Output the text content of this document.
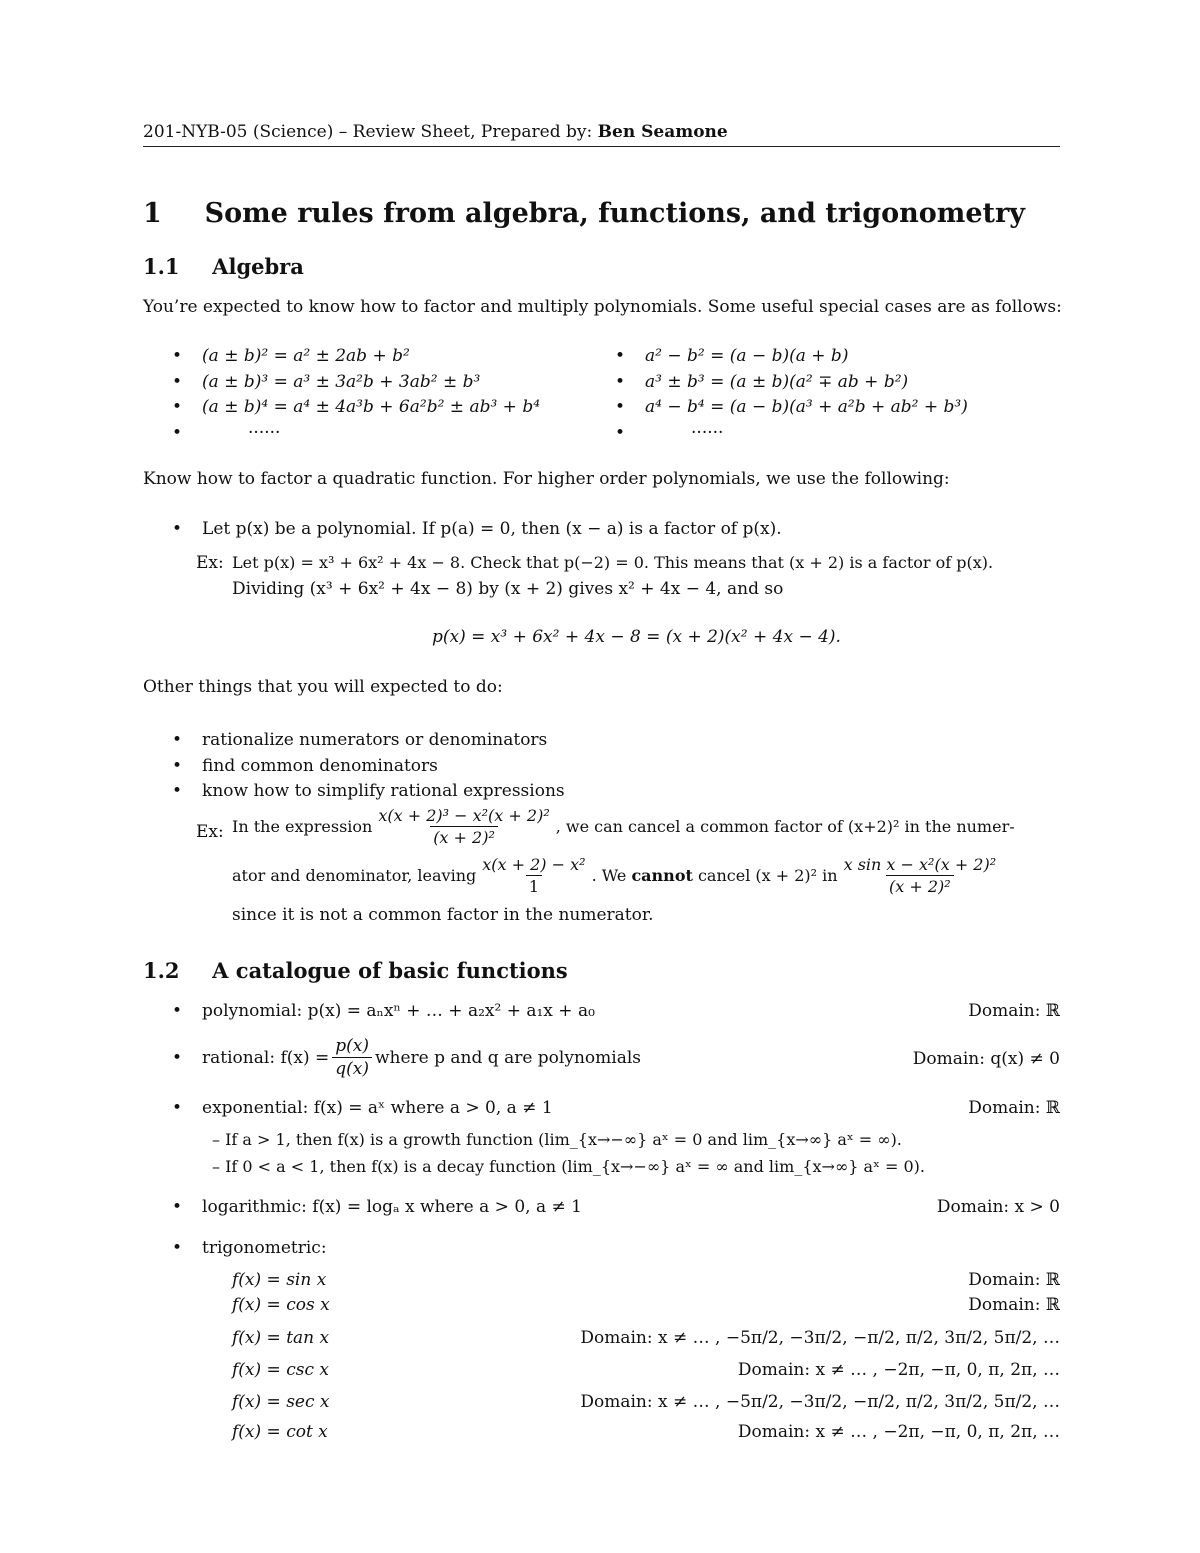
201-NYB-05 (Science) – Review Sheet, Prepared by: Ben Seamone
1 Some rules from algebra, functions, and trigonometry
1.1 Algebra
You’re expected to know how to factor and multiply polynomials. Some useful special cases are as follows:
• (a ± b)² = a² ± 2ab + b²
• (a ± b)³ = a³ ± 3a²b + 3ab² ± b³
• (a ± b)⁴ = a⁴ ± 4a³b + 6a²b² ± ab³ + b⁴
•	······
• a² − b² = (a − b)(a + b)
• a³ ± b³ = (a ± b)(a² ∓ ab + b²)
• a⁴ − b⁴ = (a − b)(a³ + a²b + ab² + b³)
•	······
Know how to factor a quadratic function. For higher order polynomials, we use the following:
• Let p(x) be a polynomial. If p(a) = 0, then (x − a) is a factor of p(x).
Ex: Let p(x) = x³ + 6x² + 4x − 8. Check that p(−2) = 0. This means that (x + 2) is a factor of p(x).
Dividing (x³ + 6x² + 4x − 8) by (x + 2) gives x² + 4x − 4, and so
p(x) = x³ + 6x² + 4x − 8 = (x + 2)(x² + 4x − 4).
Other things that you will expected to do:
• rationalize numerators or denominators
• find common denominators
• know how to simplify rational expressions
Ex: In the expression
x(x + 2)³ − x²(x + 2)²
(x + 2)²
, we can cancel a common factor of (x+2)² in the numer-
ator and denominator, leaving
x(x + 2) − x²
1
. We
cannot
cancel (x + 2)² in
x sin x − x²(x + 2)²
(x + 2)²
since it is not a common factor in the numerator.
1.2 A catalogue of basic functions
• polynomial: p(x) = aₙxⁿ + … + a₂x² + a₁x + a₀	Domain: ℝ
• rational: $f(x) = \frac{p(x)}{q(x)}$ where p and q are polynomials	Domain: q(x) ≠ 0
• exponential: f(x) = aˣ where a > 0, a ≠ 1	Domain: ℝ
– If a > 1, then f(x) is a growth function (lim_{x→−∞} aˣ = 0 and lim_{x→∞} aˣ = ∞).
– If 0 < a < 1, then f(x) is a decay function (lim_{x→−∞} aˣ = ∞ and lim_{x→∞} aˣ = 0).
• logarithmic: f(x) = logₐ x where a > 0, a ≠ 1	Domain: x > 0
• trigonometric:
f(x) = sin x	Domain: ℝ
f(x) = cos x	Domain: ℝ
f(x) = tan x	Domain: x ≠ … , −5π/2, −3π/2, −π/2, π/2, 3π/2, 5π/2, …
f(x) = csc x	Domain: x ≠ … , −2π, −π, 0, π, 2π, …
f(x) = sec x	Domain: x ≠ … , −5π/2, −3π/2, −π/2, π/2, 3π/2, 5π/2, …
f(x) = cot x	Domain: x ≠ … , −2π, −π, 0, π, 2π, …
